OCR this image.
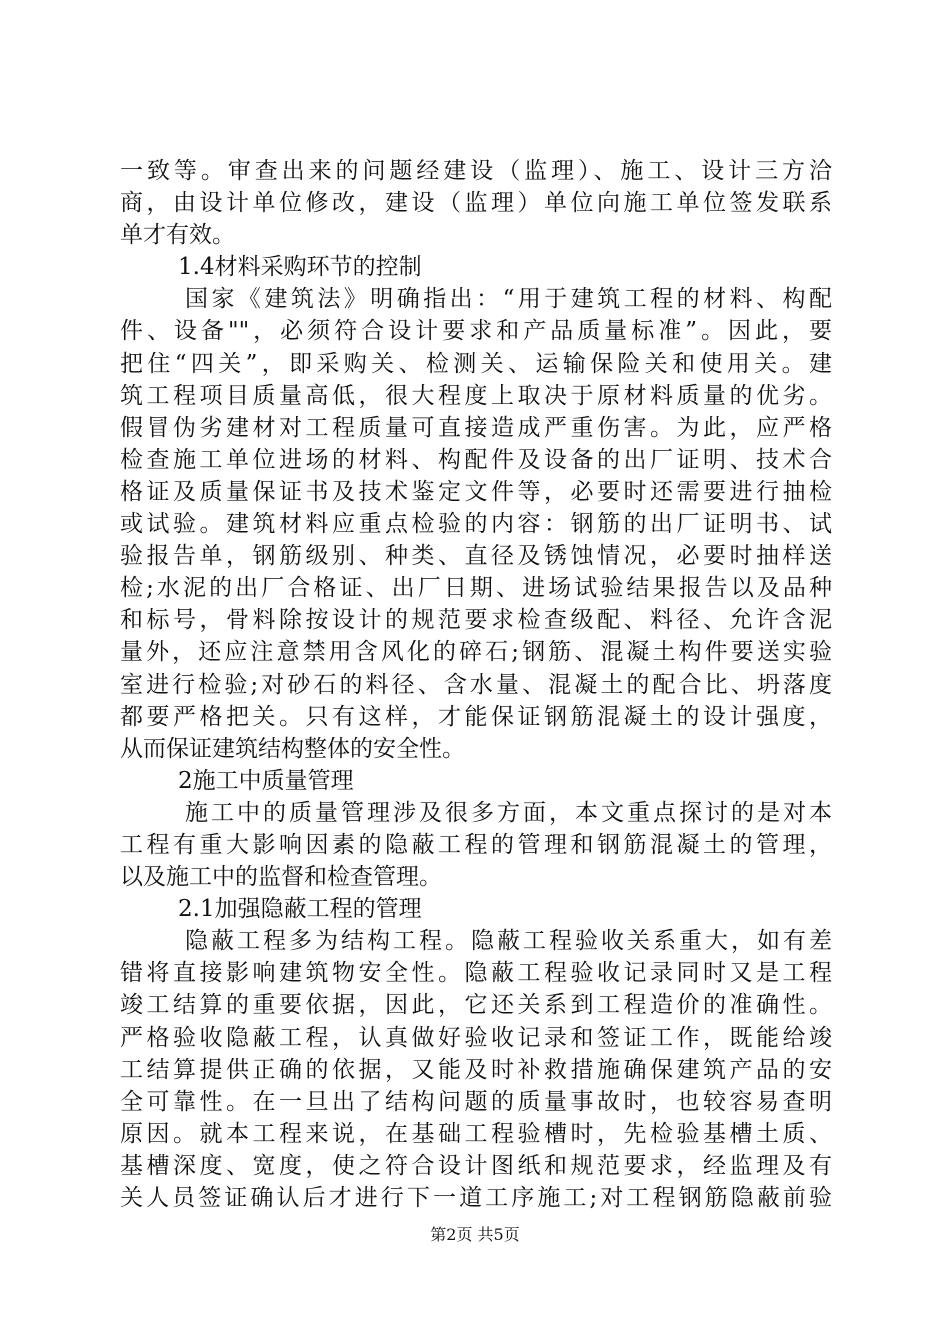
一致等。审查出来的问题经建设（监理）、施工、设计三方洽
商，由设计单位修改，建设（监理）单位向施工单位签发联系
单才有效。
1.4材料采购环节的控制
国家《建筑法》明确指出：“用于建筑工程的材料、构配
件、设备""，必须符合设计要求和产品质量标准”。因此，要
把住“四关”，即采购关、检测关、运输保险关和使用关。建
筑工程项目质量高低，很大程度上取决于原材料质量的优劣。
假冒伪劣建材对工程质量可直接造成严重伤害。为此，应严格
检查施工单位进场的材料、构配件及设备的出厂证明、技术合
格证及质量保证书及技术鉴定文件等，必要时还需要进行抽检
或试验。建筑材料应重点检验的内容：钢筋的出厂证明书、试
验报告单，钢筋级别、种类、直径及锈蚀情况，必要时抽样送
检;水泥的出厂合格证、出厂日期、进场试验结果报告以及品种
和标号，骨料除按设计的规范要求检查级配、料径、允许含泥
量外，还应注意禁用含风化的碎石;钢筋、混凝土构件要送实验
室进行检验;对砂石的料径、含水量、混凝土的配合比、坍落度
都要严格把关。只有这样，才能保证钢筋混凝土的设计强度，
从而保证建筑结构整体的安全性。
2施工中质量管理
施工中的质量管理涉及很多方面，本文重点探讨的是对本
工程有重大影响因素的隐蔽工程的管理和钢筋混凝土的管理，
以及施工中的监督和检查管理。
2.1加强隐蔽工程的管理
隐蔽工程多为结构工程。隐蔽工程验收关系重大，如有差
错将直接影响建筑物安全性。隐蔽工程验收记录同时又是工程
竣工结算的重要依据，因此，它还关系到工程造价的准确性。
严格验收隐蔽工程，认真做好验收记录和签证工作，既能给竣
工结算提供正确的依据，又能及时补救措施确保建筑产品的安
全可靠性。在一旦出了结构问题的质量事故时，也较容易查明
原因。就本工程来说，在基础工程验槽时，先检验基槽土质、
基槽深度、宽度，使之符合设计图纸和规范要求，经监理及有
关人员签证确认后才进行下一道工序施工;对工程钢筋隐蔽前验
第2页 共5页
